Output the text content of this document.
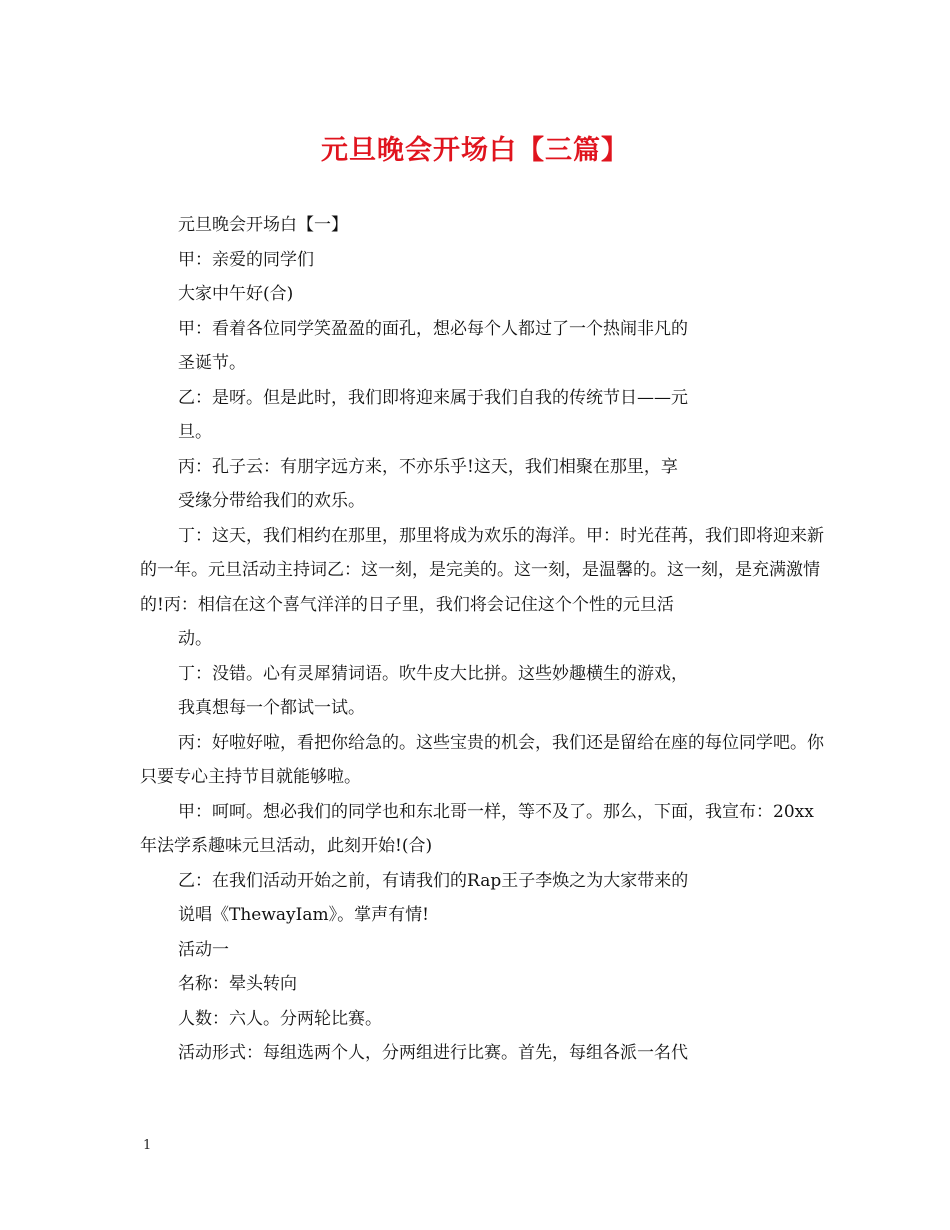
元旦晚会开场白【三篇】

元旦晚会开场白【一】

甲：亲爱的同学们

大家中午好(合)

甲：看着各位同学笑盈盈的面孔，想必每个人都过了一个热闹非凡的

圣诞节。

乙：是呀。但是此时，我们即将迎来属于我们自我的传统节日——元

旦。

丙：孔子云：有朋字远方来，不亦乐乎!这天，我们相聚在那里，享

受缘分带给我们的欢乐。

丁：这天，我们相约在那里，那里将成为欢乐的海洋。甲：时光荏苒，我们即将迎来新的一年。元旦活动主持词乙：这一刻，是完美的。这一刻，是温馨的。这一刻，是充满激情的!丙：相信在这个喜气洋洋的日子里，我们将会记住这个个性的元旦活

动。

丁：没错。心有灵犀猜词语。吹牛皮大比拼。这些妙趣横生的游戏，

我真想每一个都试一试。

丙：好啦好啦，看把你给急的。这些宝贵的机会，我们还是留给在座的每位同学吧。你只要专心主持节目就能够啦。

甲：呵呵。想必我们的同学也和东北哥一样，等不及了。那么，下面，我宣布：20xx年法学系趣味元旦活动，此刻开始!(合)

乙：在我们活动开始之前，有请我们的Rap王子李焕之为大家带来的

说唱《ThewayIam》。掌声有情!

活动一

名称：晕头转向

人数：六人。分两轮比赛。

活动形式：每组选两个人，分两组进行比赛。首先，每组各派一名代

1
